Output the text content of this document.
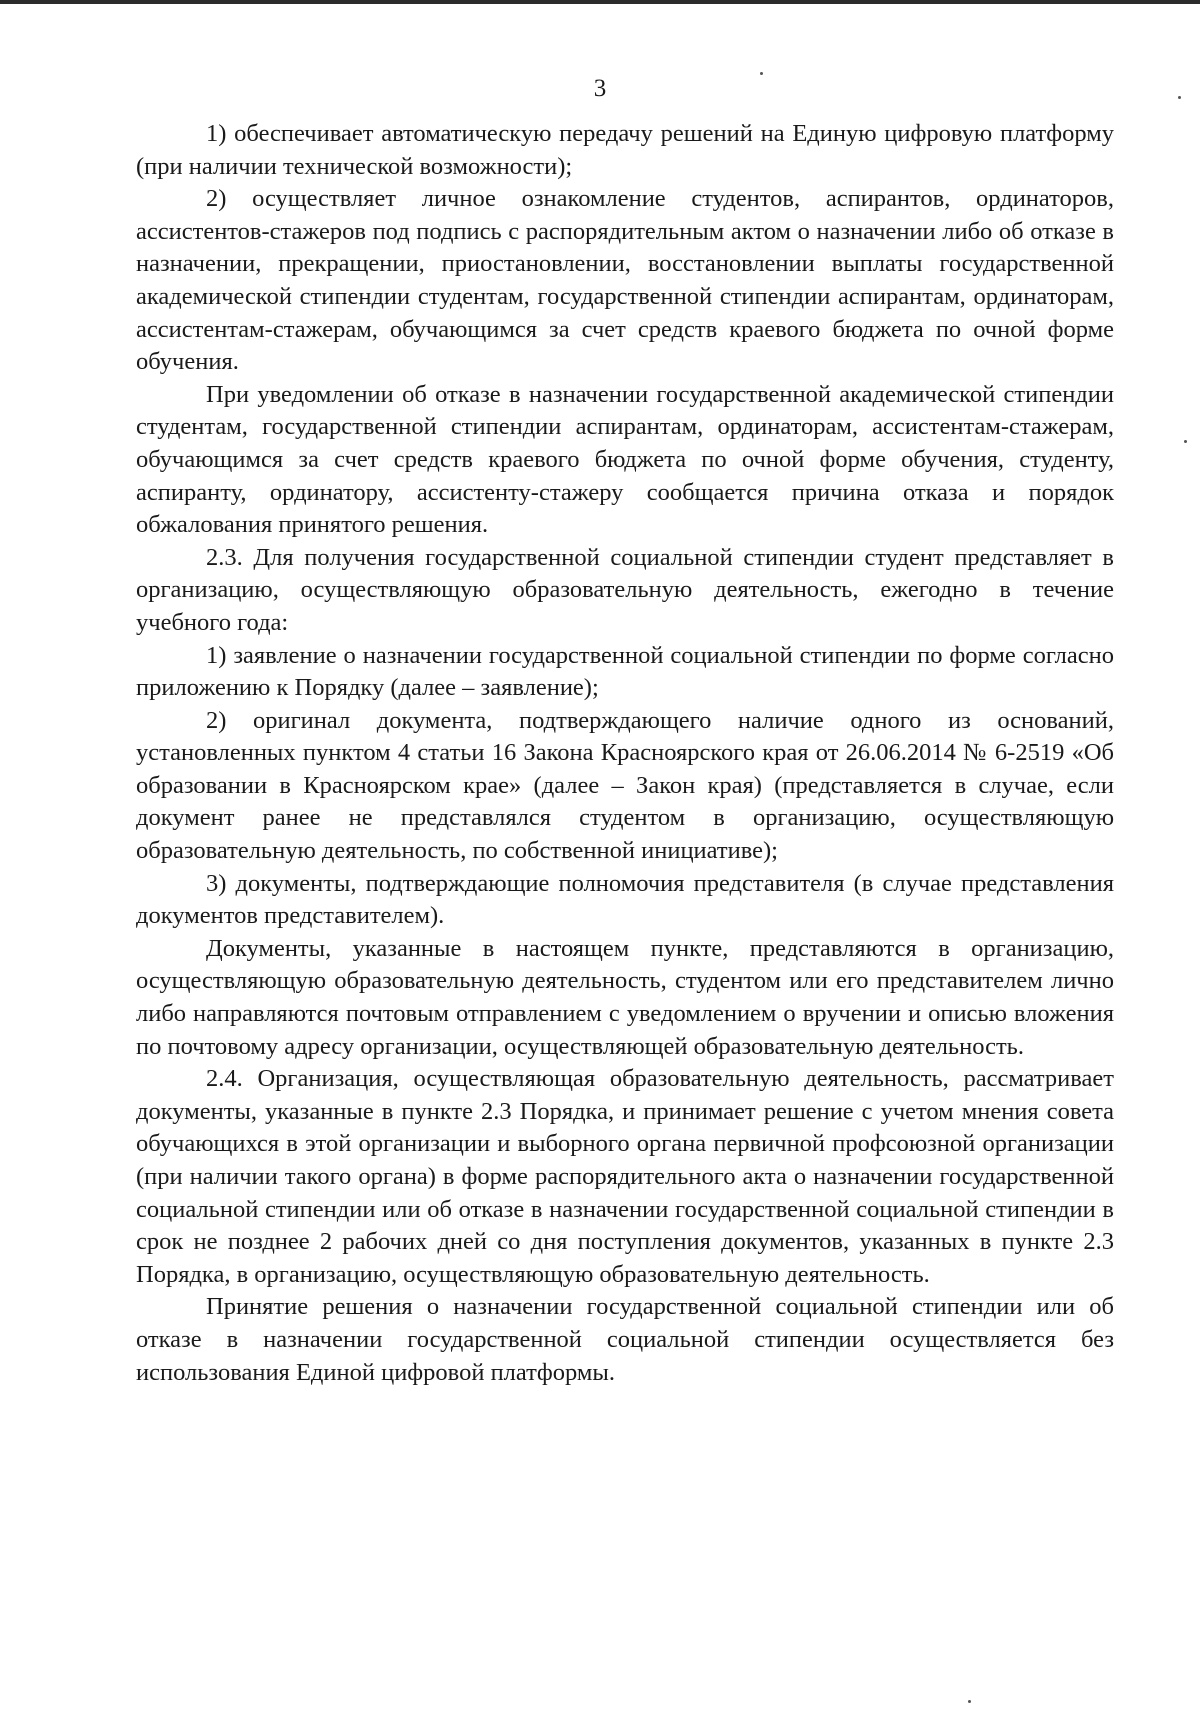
3

1) обеспечивает автоматическую передачу решений на Единую цифровую платформу (при наличии технической возможности);

2) осуществляет личное ознакомление студентов, аспирантов, ординаторов, ассистентов-стажеров под подпись с распорядительным актом о назначении либо об отказе в назначении, прекращении, приостановлении, восстановлении выплаты государственной академической стипендии студентам, государственной стипендии аспирантам, ординаторам, ассистентам-стажерам, обучающимся за счет средств краевого бюджета по очной форме обучения.

При уведомлении об отказе в назначении государственной академической стипендии студентам, государственной стипендии аспирантам, ординаторам, ассистентам-стажерам, обучающимся за счет средств краевого бюджета по очной форме обучения, студенту, аспиранту, ординатору, ассистенту-стажеру сообщается причина отказа и порядок обжалования принятого решения.

2.3. Для получения государственной социальной стипендии студент представляет в организацию, осуществляющую образовательную деятельность, ежегодно в течение учебного года:

1) заявление о назначении государственной социальной стипендии по форме согласно приложению к Порядку (далее – заявление);

2) оригинал документа, подтверждающего наличие одного из оснований, установленных пунктом 4 статьи 16 Закона Красноярского края от 26.06.2014 № 6-2519 «Об образовании в Красноярском крае» (далее – Закон края) (представляется в случае, если документ ранее не представлялся студентом в организацию, осуществляющую образовательную деятельность, по собственной инициативе);

3) документы, подтверждающие полномочия представителя (в случае представления документов представителем).

Документы, указанные в настоящем пункте, представляются в организацию, осуществляющую образовательную деятельность, студентом или его представителем лично либо направляются почтовым отправлением с уведомлением о вручении и описью вложения по почтовому адресу организации, осуществляющей образовательную деятельность.

2.4. Организация, осуществляющая образовательную деятельность, рассматривает документы, указанные в пункте 2.3 Порядка, и принимает решение с учетом мнения совета обучающихся в этой организации и выборного органа первичной профсоюзной организации (при наличии такого органа) в форме распорядительного акта о назначении государственной социальной стипендии или об отказе в назначении государственной социальной стипендии в срок не позднее 2 рабочих дней со дня поступления документов, указанных в пункте 2.3 Порядка, в организацию, осуществляющую образовательную деятельность.

Принятие решения о назначении государственной социальной стипендии или об отказе в назначении государственной социальной стипендии осуществляется без использования Единой цифровой платформы.
